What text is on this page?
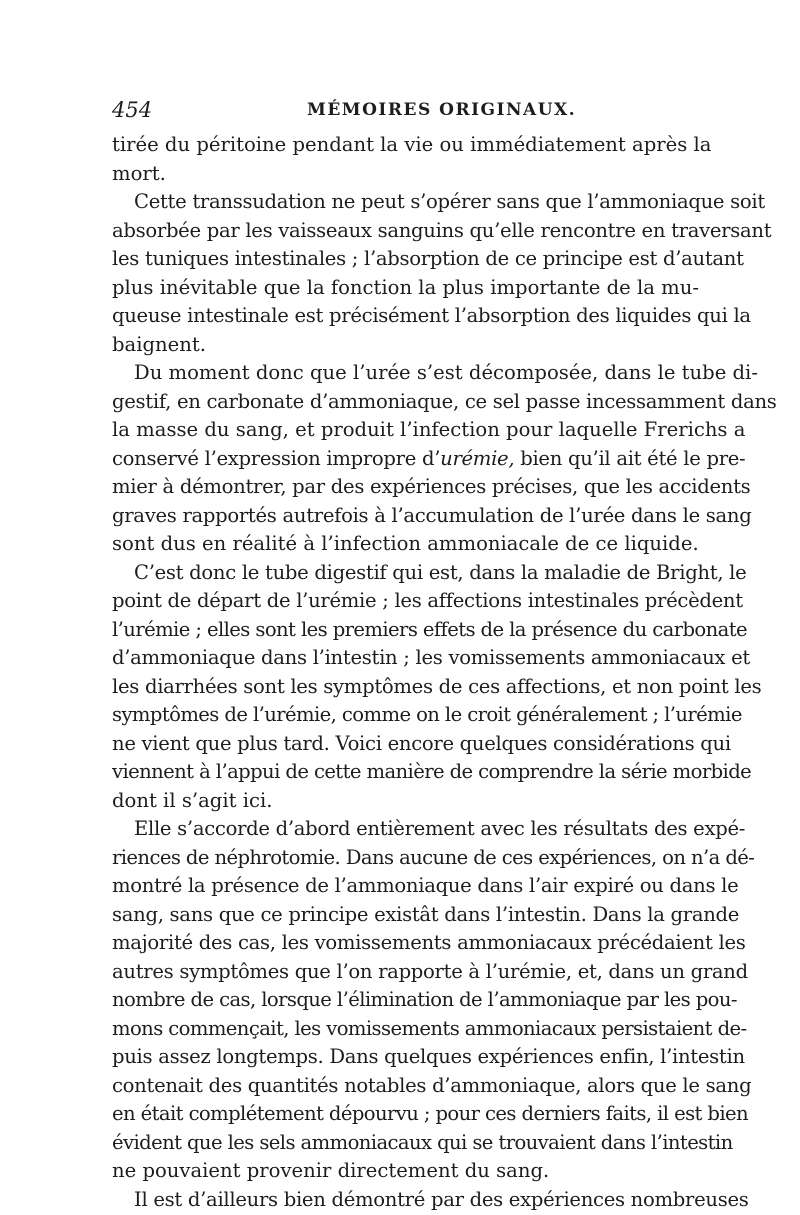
454	MÉMOIRES ORIGINAUX.
tirée du péritoine pendant la vie ou immédiatement après la
mort.
Cette transsudation ne peut s’opérer sans que l’ammoniaque soit
absorbée par les vaisseaux sanguins qu’elle rencontre en traversant
les tuniques intestinales ; l’absorption de ce principe est d’autant
plus inévitable que la fonction la plus importante de la mu-
queuse intestinale est précisément l’absorption des liquides qui la
baignent.
Du moment donc que l’urée s’est décomposée, dans le tube di-
gestif, en carbonate d’ammoniaque, ce sel passe incessamment dans
la masse du sang, et produit l’infection pour laquelle Frerichs a
conservé l’expression impropre d’urémie, bien qu’il ait été le pre-
mier à démontrer, par des expériences précises, que les accidents
graves rapportés autrefois à l’accumulation de l’urée dans le sang
sont dus en réalité à l’infection ammoniacale de ce liquide.
C’est donc le tube digestif qui est, dans la maladie de Bright, le
point de départ de l’urémie ; les affections intestinales précèdent
l’urémie ; elles sont les premiers effets de la présence du carbonate
d’ammoniaque dans l’intestin ; les vomissements ammoniacaux et
les diarrhées sont les symptômes de ces affections, et non point les
symptômes de l’urémie, comme on le croit généralement ; l’urémie
ne vient que plus tard. Voici encore quelques considérations qui
viennent à l’appui de cette manière de comprendre la série morbide
dont il s’agit ici.
Elle s’accorde d’abord entièrement avec les résultats des expé-
riences de néphrotomie. Dans aucune de ces expériences, on n’a dé-
montré la présence de l’ammoniaque dans l’air expiré ou dans le
sang, sans que ce principe existât dans l’intestin. Dans la grande
majorité des cas, les vomissements ammoniacaux précédaient les
autres symptômes que l’on rapporte à l’urémie, et, dans un grand
nombre de cas, lorsque l’élimination de l’ammoniaque par les pou-
mons commençait, les vomissements ammoniacaux persistaient de-
puis assez longtemps. Dans quelques expériences enfin, l’intestin
contenait des quantités notables d’ammoniaque, alors que le sang
en était complétement dépourvu ; pour ces derniers faits, il est bien
évident que les sels ammoniacaux qui se trouvaient dans l’intestin
ne pouvaient provenir directement du sang.
Il est d’ailleurs bien démontré par des expériences nombreuses
